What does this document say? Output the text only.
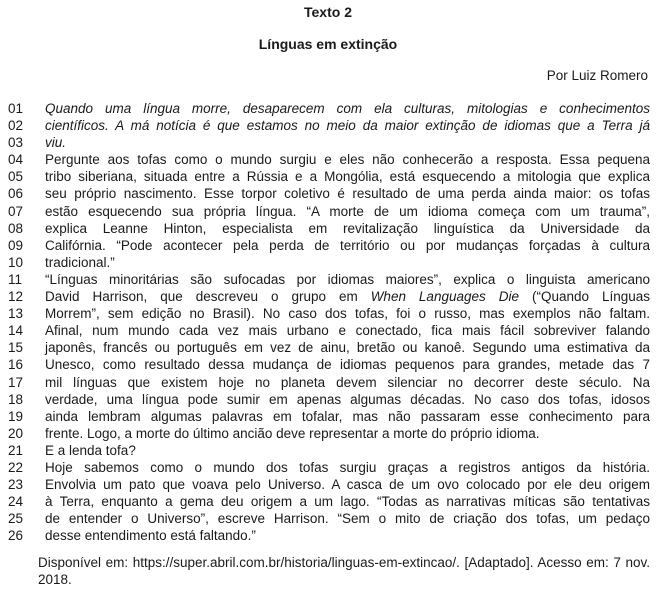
Texto 2
Línguas em extinção
Por Luiz Romero
01	Quando uma língua morre, desaparecem com ela culturas, mitologias e conhecimentos
02	científicos. A má notícia é que estamos no meio da maior extinção de idiomas que a Terra já
03	viu.
04	Pergunte aos tofas como o mundo surgiu e eles não conhecerão a resposta. Essa pequena
05	tribo siberiana, situada entre a Rússia e a Mongólia, está esquecendo a mitologia que explica
06	seu próprio nascimento. Esse torpor coletivo é resultado de uma perda ainda maior: os tofas
07	estão esquecendo sua própria língua. “A morte de um idioma começa com um trauma”,
08	explica Leanne Hinton, especialista em revitalização linguística da Universidade da
09	Califórnia. “Pode acontecer pela perda de território ou por mudanças forçadas à cultura
10	tradicional.”
11	“Línguas minoritárias são sufocadas por idiomas maiores”, explica o linguista americano
12	David Harrison, que descreveu o grupo em When Languages Die (“Quando Línguas
13	Morrem”, sem edição no Brasil). No caso dos tofas, foi o russo, mas exemplos não faltam.
14	Afinal, num mundo cada vez mais urbano e conectado, fica mais fácil sobreviver falando
15	japonês, francês ou português em vez de ainu, bretão ou kanoê. Segundo uma estimativa da
16	Unesco, como resultado dessa mudança de idiomas pequenos para grandes, metade das 7
17	mil línguas que existem hoje no planeta devem silenciar no decorrer deste século. Na
18	verdade, uma língua pode sumir em apenas algumas décadas. No caso dos tofas, idosos
19	ainda lembram algumas palavras em tofalar, mas não passaram esse conhecimento para
20	frente. Logo, a morte do último ancião deve representar a morte do próprio idioma.
21	E a lenda tofa?
22	Hoje sabemos como o mundo dos tofas surgiu graças a registros antigos da história.
23	Envolvia um pato que voava pelo Universo. A casca de um ovo colocado por ele deu origem
24	à Terra, enquanto a gema deu origem a um lago. “Todas as narrativas míticas são tentativas
25	de entender o Universo”, escreve Harrison. “Sem o mito de criação dos tofas, um pedaço
26	desse entendimento está faltando.”
Disponível em: https://super.abril.com.br/historia/linguas-em-extincao/. [Adaptado]. Acesso em: 7 nov.
2018.
